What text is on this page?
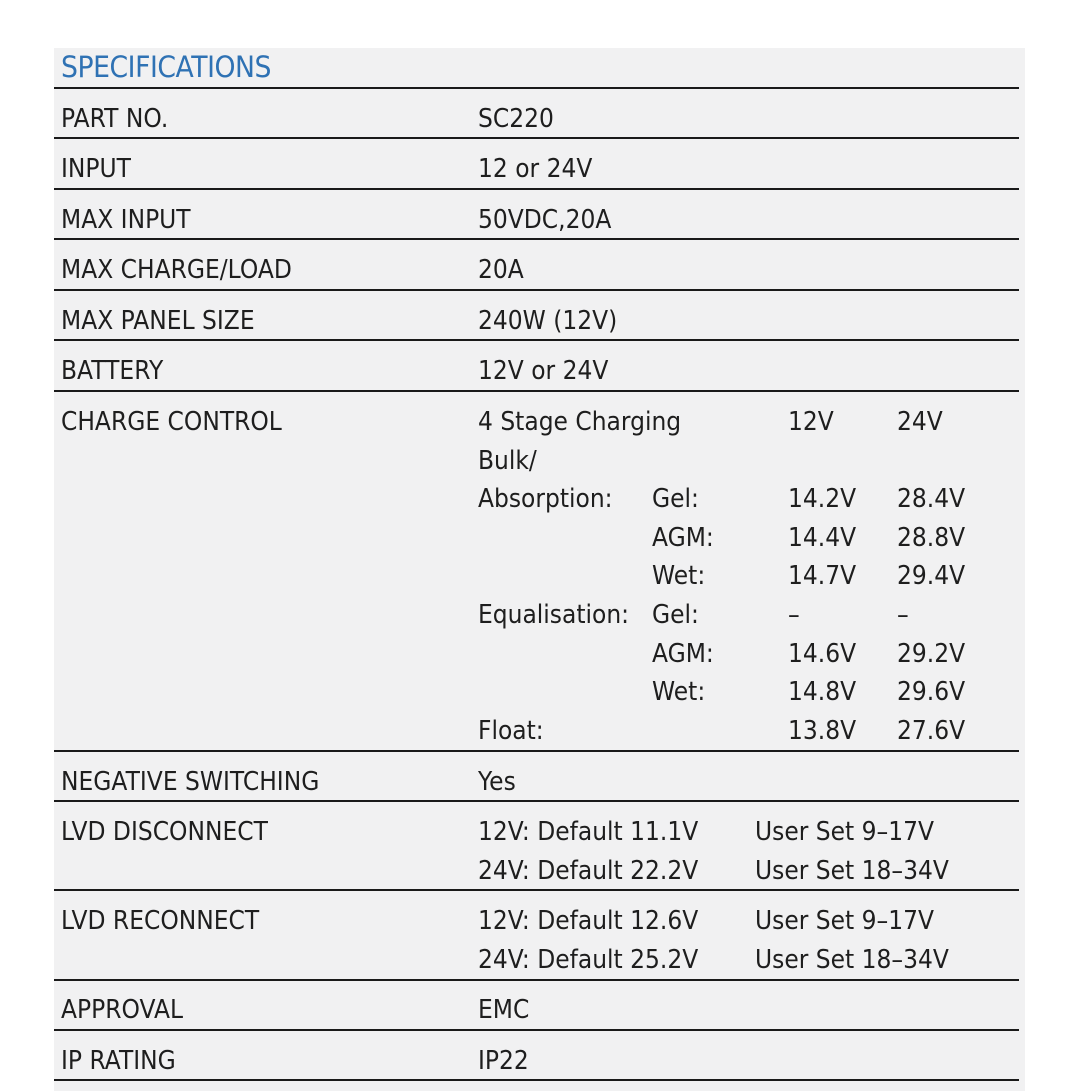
SPECIFICATIONS
PART NO.	SC220
INPUT	12 or 24V
MAX INPUT	50VDC,20A
MAX CHARGE/LOAD	20A
MAX PANEL SIZE	240W (12V)
BATTERY	12V or 24V
CHARGE CONTROL	4 Stage Charging	12V 24V
Bulk/
Absorption: Gel:	14.2V 28.4V
AGM:	14.4V 28.8V
Wet:	14.7V 29.4V
Equalisation: Gel:	–	–
AGM:	14.6V 29.2V
Wet:	14.8V 29.6V
Float:	13.8V 27.6V
NEGATIVE SWITCHING	Yes
LVD DISCONNECT	12V: Default 11.1V User Set 9–17V
24V: Default 22.2V User Set 18–34V
LVD RECONNECT	12V: Default 12.6V User Set 9–17V
24V: Default 25.2V User Set 18–34V
APPROVAL	EMC
IP RATING	IP22
